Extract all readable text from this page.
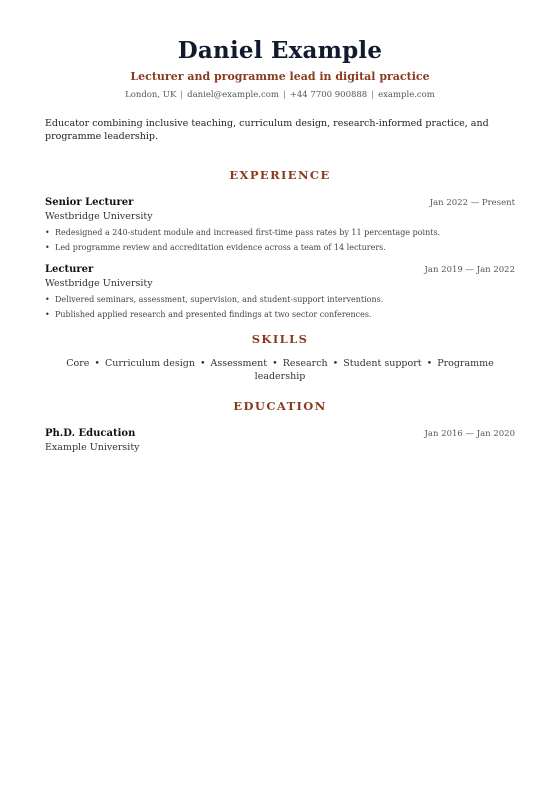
Daniel Example
Lecturer and programme lead in digital practice
London, UK | daniel@example.com | +44 7700 900888 | example.com
Educator combining inclusive teaching, curriculum design, research-informed practice, and programme leadership.
EXPERIENCE
Senior Lecturer	Jan 2022 — Present
Westbridge University
• Redesigned a 240-student module and increased first-time pass rates by 11 percentage points.
• Led programme review and accreditation evidence across a team of 14 lecturers.
Lecturer	Jan 2019 — Jan 2022
Westbridge University
• Delivered seminars, assessment, supervision, and student-support interventions.
• Published applied research and presented findings at two sector conferences.
SKILLS
Core • Curriculum design • Assessment • Research • Student support • Programme leadership
EDUCATION
Ph.D. Education	Jan 2016 — Jan 2020
Example University
